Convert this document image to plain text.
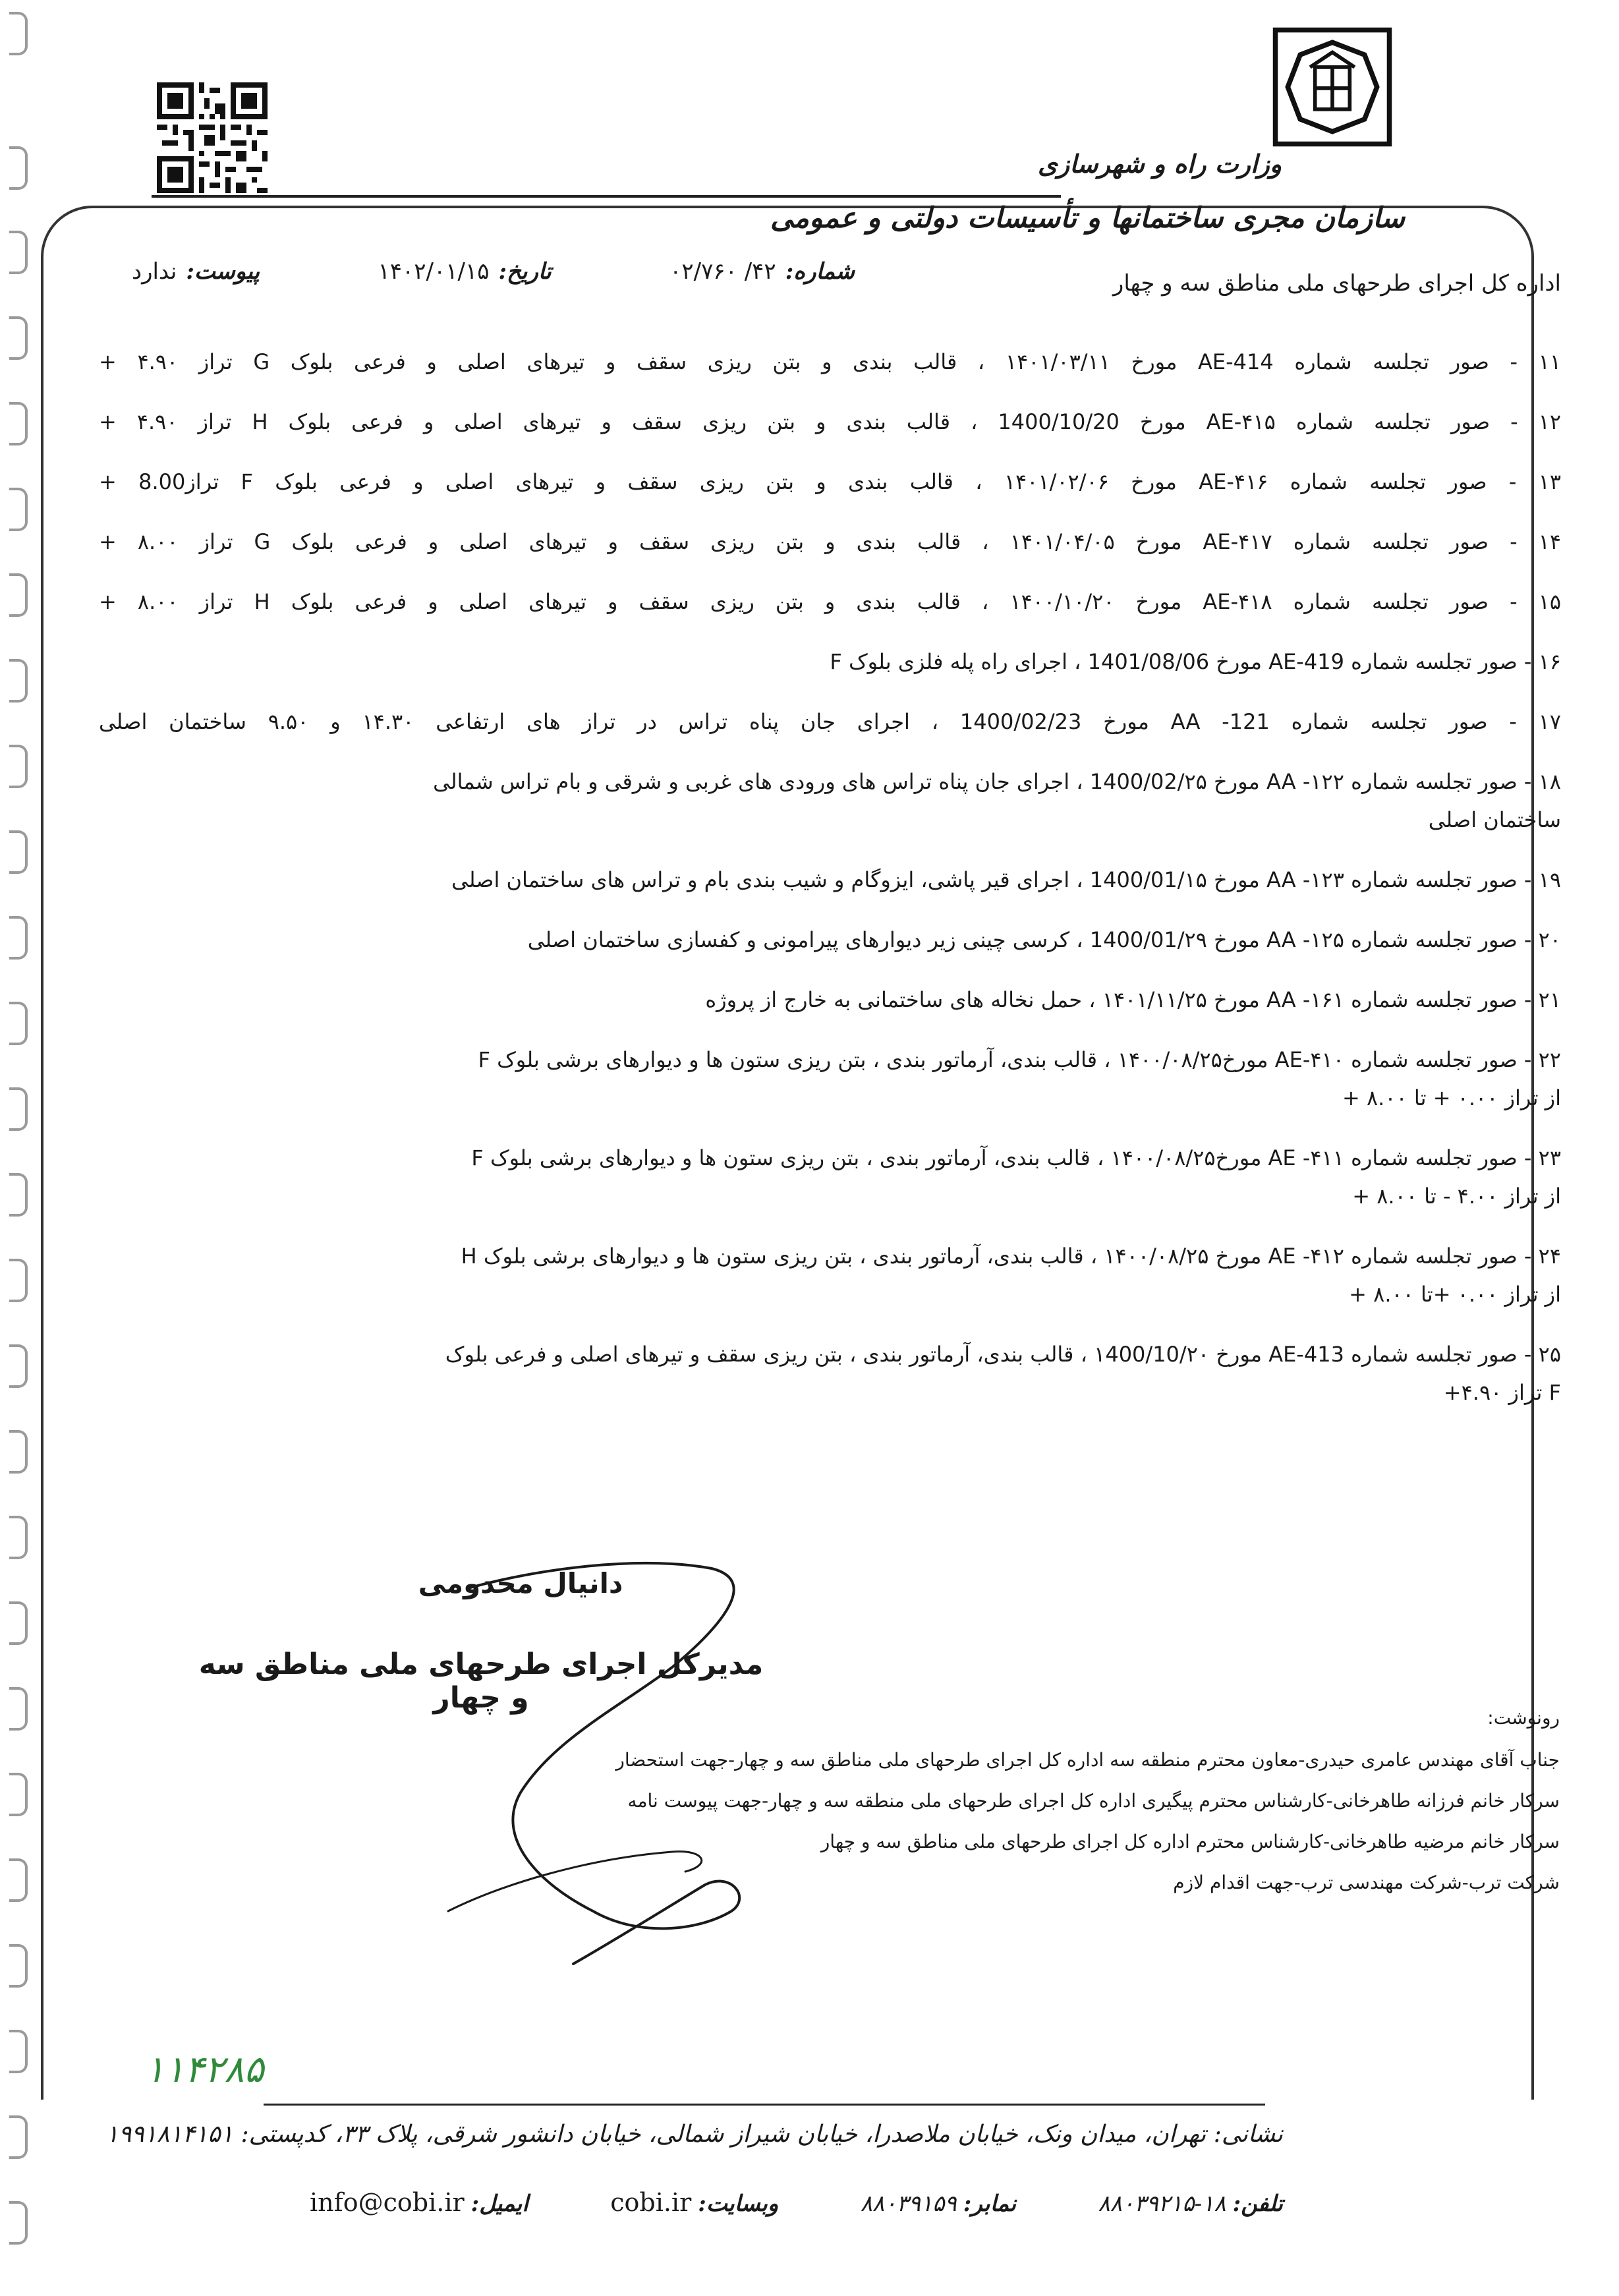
وزارت راه و شهرسازی
سازمان مجری ساختمانها و تأسیسات دولتی و عمومی
شماره:۴۲/ ۰۲/۷۶۰
تاریخ:۱۴۰۲/۰۱/۱۵
پیوست:ندارد	اداره کل اجرای طرحهای ملی مناطق سه و چهار
۱۱ - صور تجلسه شماره AE-414 مورخ ۱۴۰۱/۰۳/۱۱ ، قالب بندی و بتن ریزی سقف و تیرهای اصلی و فرعی بلوک G تراز ۴.۹۰ +
۱۲ - صور تجلسه شماره AE-۴۱۵ مورخ 1400/10/20 ، قالب بندی و بتن ریزی سقف و تیرهای اصلی و فرعی بلوک H تراز ۴.۹۰ +
۱۳ - صور تجلسه شماره AE-۴۱۶ مورخ ۱۴۰۱/۰۲/۰۶ ، قالب بندی و بتن ریزی سقف و تیرهای اصلی و فرعی بلوک F تراز8.00 +
۱۴ - صور تجلسه شماره AE-۴۱۷ مورخ ۱۴۰۱/۰۴/۰۵ ، قالب بندی و بتن ریزی سقف و تیرهای اصلی و فرعی بلوک G تراز ۸.۰۰ +
۱۵ - صور تجلسه شماره AE-۴۱۸ مورخ ۱۴۰۰/۱۰/۲۰ ، قالب بندی و بتن ریزی سقف و تیرهای اصلی و فرعی بلوک H تراز ۸.۰۰ +
۱۶ - صور تجلسه شماره AE-419 مورخ 1401/08/06 ، اجرای راه پله فلزی بلوک F
۱۷ - صور تجلسه شماره AA -121 مورخ 1400/02/23 ، اجرای جان پناه تراس در تراز های ارتفاعی ۱۴.۳۰ و ۹.۵۰ ساختمان اصلی
۱۸ - صور تجلسه شماره AA -۱۲۲ مورخ 1400/02/۲۵ ، اجرای جان پناه تراس های ورودی های غربی و شرقی و بام تراس شمالی
ساختمان اصلی
۱۹ - صور تجلسه شماره AA -۱۲۳ مورخ 1400/01/۱۵ ، اجرای قیر پاشی، ایزوگام و شیب بندی بام و تراس های ساختمان اصلی
۲۰ - صور تجلسه شماره AA -۱۲۵ مورخ 1400/01/۲۹ ، کرسی چینی زیر دیوارهای پیرامونی و کفسازی ساختمان اصلی
۲۱ - صور تجلسه شماره AA -۱۶۱ مورخ ۱۴۰۱/۱۱/۲۵ ، حمل نخاله های ساختمانی به خارج از پروژه
۲۲ - صور تجلسه شماره AE-۴۱۰ مورخ۱۴۰۰/۰۸/۲۵ ، قالب بندی، آرماتور بندی ، بتن ریزی ستون ها و دیوارهای برشی بلوک F
از تراز ۰.۰۰ + تا ۸.۰۰ +
۲۳ - صور تجلسه شماره AE -۴۱۱ مورخ۱۴۰۰/۰۸/۲۵ ، قالب بندی، آرماتور بندی ، بتن ریزی ستون ها و دیوارهای برشی بلوک F
از تراز ۴.۰۰ - تا ۸.۰۰ +
۲۴ - صور تجلسه شماره AE -۴۱۲ مورخ ۱۴۰۰/۰۸/۲۵ ، قالب بندی، آرماتور بندی ، بتن ریزی ستون ها و دیوارهای برشی بلوک H
از تراز ۰.۰۰ +تا ۸.۰۰ +
۲۵ - صور تجلسه شماره AE-413 مورخ ۱400/10/۲۰ ، قالب بندی، آرماتور بندی ، بتن ریزی سقف و تیرهای اصلی و فرعی بلوک
F تراز ۴.۹۰+
دانیال مخدومی
مدیرکل اجرای طرحهای ملی مناطق سه و چهار
رونوشت:
جناب آقای مهندس عامری حیدری-معاون محترم منطقه سه اداره کل اجرای طرحهای ملی مناطق سه و چهار-جهت استحضار
سرکار خانم فرزانه طاهرخانی-کارشناس محترم پیگیری اداره کل اجرای طرحهای ملی منطقه سه و چهار-جهت پیوست نامه
سرکار خانم مرضیه طاهرخانی-کارشناس محترم اداره کل اجرای طرحهای ملی مناطق سه و چهار
شرکت ترب-شرکت مهندسی ترب-جهت اقدام لازم
۱۱۴۲۸۵
نشانی: تهران، میدان ونک، خیابان ملاصدرا، خیابان شیراز شمالی، خیابان دانشور شرقی، پلاک ۳۳، کدپستی: ۱۹۹۱۸۱۴۱۵۱
تلفن:۱۸-۸۸۰۳۹۲۱۵
نمابر:۸۸۰۳۹۱۵۹
وبسایت:cobi.ir
ایمیل:info@cobi.ir
